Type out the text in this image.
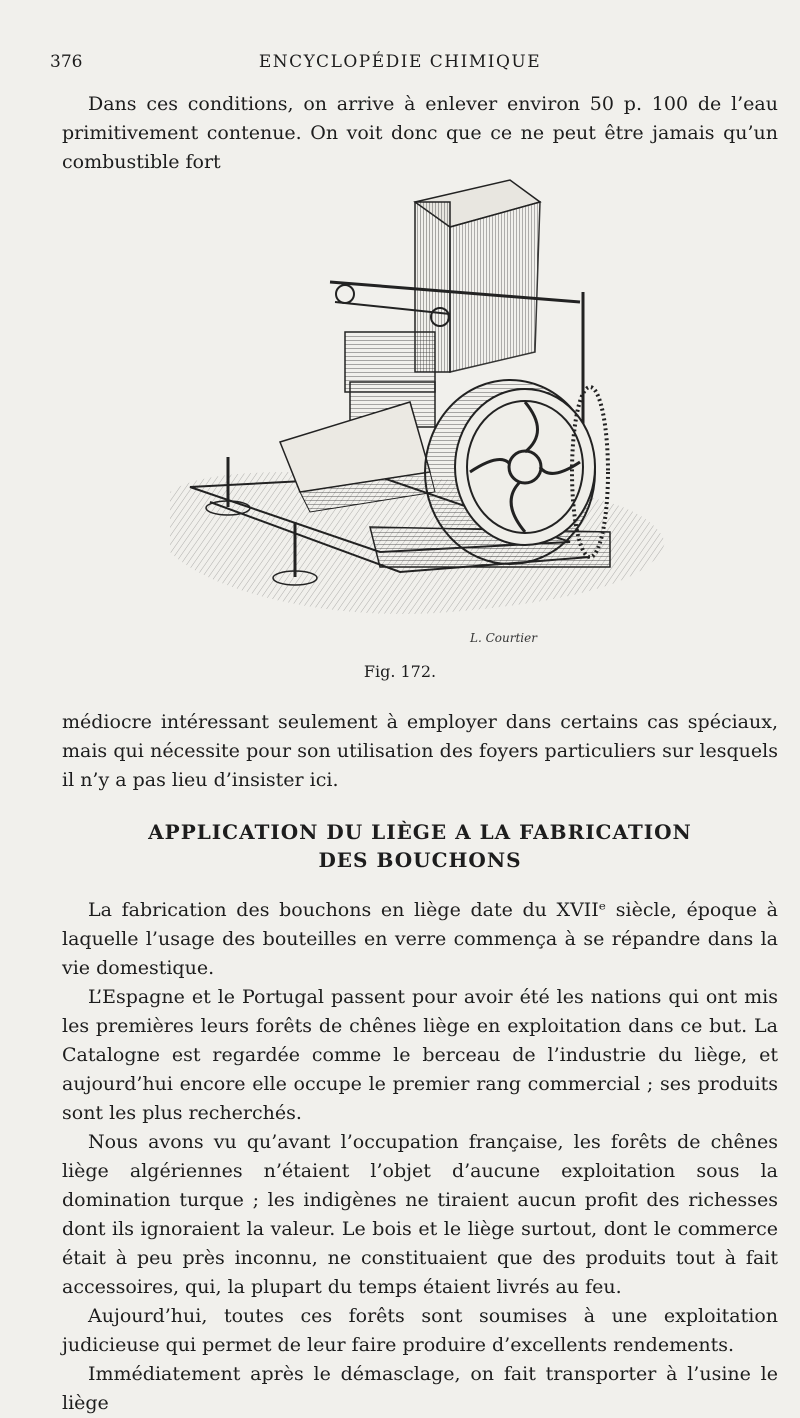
376	ENCYCLOPÉDIE CHIMIQUE

Dans ces conditions, on arrive à enlever environ 50 p. 100 de l’eau primitivement contenue. On voit donc que ce ne peut être jamais qu’un combustible fort

L. Courtier
Fig. 172.

médiocre intéressant seulement à employer dans certains cas spéciaux, mais qui nécessite pour son utilisation des foyers particuliers sur lesquels il n’y a pas lieu d’insister ici.

APPLICATION DU LIÈGE A LA FABRICATION
DES BOUCHONS

La fabrication des bouchons en liège date du XVIIᵉ siècle, époque à laquelle l’usage des bouteilles en verre commença à se répandre dans la vie domestique.

L’Espagne et le Portugal passent pour avoir été les nations qui ont mis les premières leurs forêts de chênes liège en exploitation dans ce but. La Catalogne est regardée comme le berceau de l’industrie du liège, et aujourd’hui encore elle occupe le premier rang commercial ; ses produits sont les plus recherchés.

Nous avons vu qu’avant l’occupation française, les forêts de chênes liège algériennes n’étaient l’objet d’aucune exploitation sous la domination turque ; les indigènes ne tiraient aucun profit des richesses dont ils ignoraient la valeur. Le bois et le liège surtout, dont le commerce était à peu près inconnu, ne constituaient que des produits tout à fait accessoires, qui, la plupart du temps étaient livrés au feu.

Aujourd’hui, toutes ces forêts sont soumises à une exploitation judicieuse qui permet de leur faire produire d’excellents rendements.

Immédiatement après le démasclage, on fait transporter à l’usine le liège
